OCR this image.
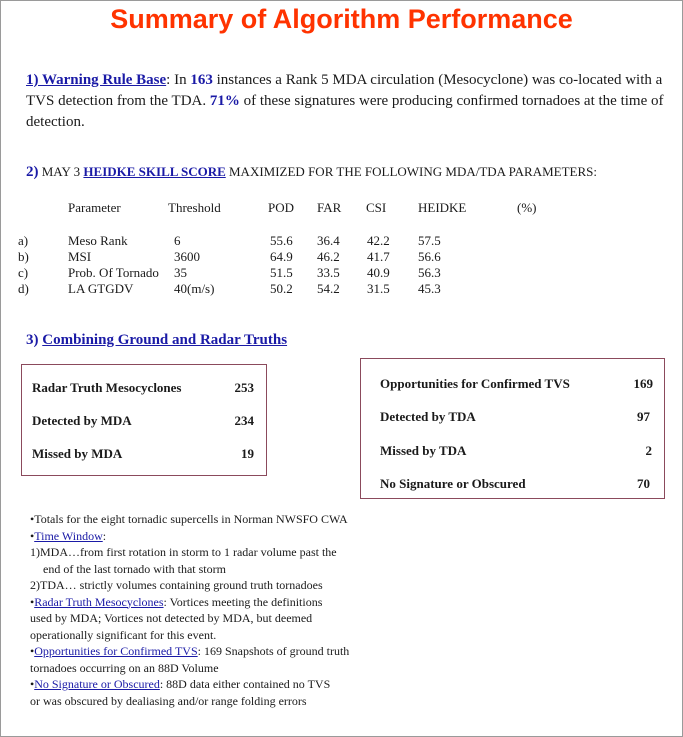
Summary of Algorithm Performance
1) Warning Rule Base: In 163 instances a Rank 5 MDA circulation (Mesocyclone) was co-located with a TVS detection from the TDA. 71% of these signatures were producing confirmed tornadoes at the time of detection.
2) MAY 3 HEIDKE SKILL SCORE MAXIMIZED FOR THE FOLLOWING MDA/TDA PARAMETERS:
Parameter	Threshold	POD FAR CSI HEIDKE	(%)
a)	Meso Rank	6	55.6 36.4 42.2 57.5
b)	MSI	3600	64.9 46.2 41.7 56.6
c)	Prob. Of Tornado 35	51.5 33.5 40.9 56.3
d)	LA GTGDV	40(m/s)	50.2 54.2 31.5 45.3
3) Combining Ground and Radar Truths
Radar Truth Mesocyclones	253
Detected by MDA	234
Missed by MDA	19
Opportunities for Confirmed TVS	169
Detected by TDA	97
Missed by TDA	2
No Signature or Obscured	70
•Totals for the eight tornadic supercells in Norman NWSFO CWA
•Time Window:
1)MDA…from first rotation in storm to 1 radar volume past the
end of the last tornado with that storm
2)TDA… strictly volumes containing ground truth tornadoes
•Radar Truth Mesocyclones: Vortices meeting the definitions
used by MDA; Vortices not detected by MDA, but deemed
operationally significant for this event.
•Opportunities for Confirmed TVS: 169 Snapshots of ground truth
tornadoes occurring on an 88D Volume
•No Signature or Obscured: 88D data either contained no TVS
or was obscured by dealiasing and/or range folding errors
